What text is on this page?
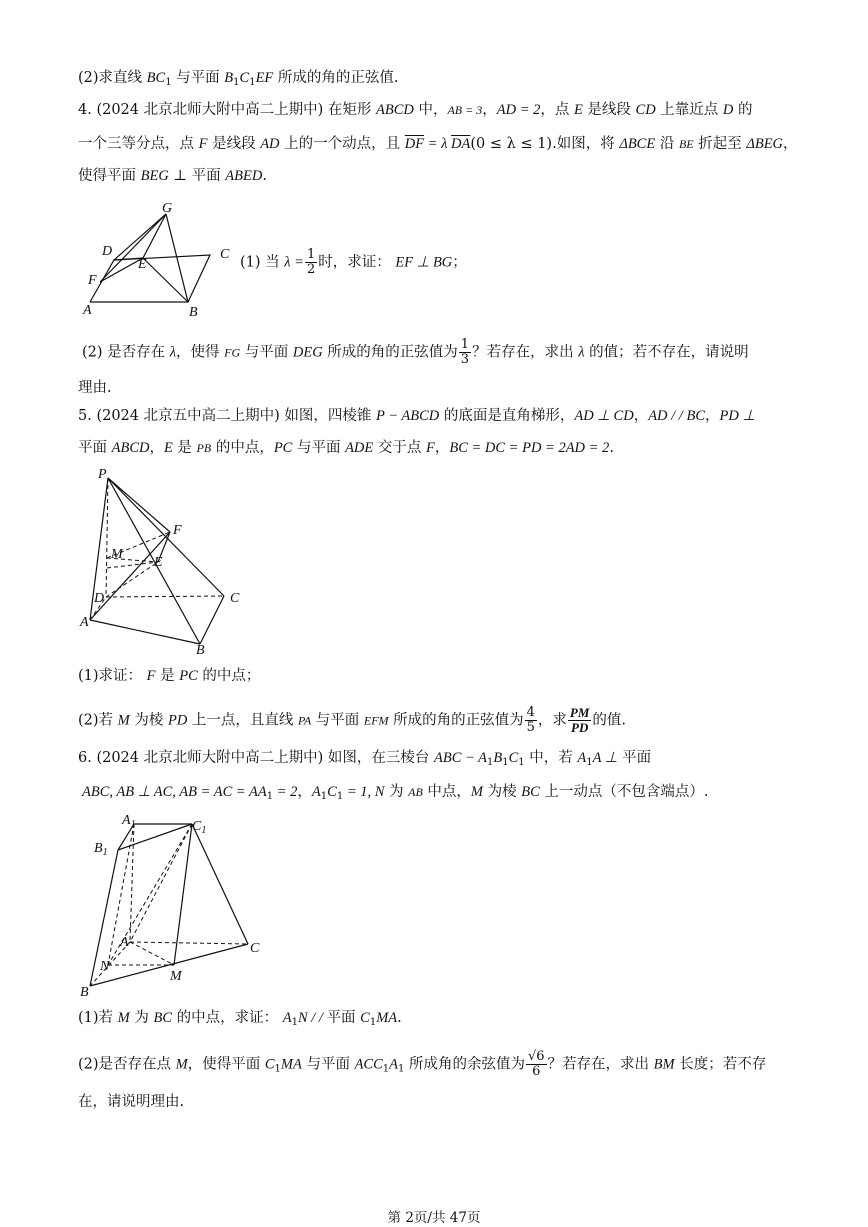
(2)求直线 $BC_1$ 与平面 $B_1C_1EF$ 所成的角的正弦值.
4. (2024 北京北师大附中高二上期中) 在矩形 ABCD 中，AB = 3，AD = 2，点 E 是线段 CD 上靠近点 D 的
一个三等分点，点 F 是线段 AD 上的一个动点，且 $\overline{DF} = \lambda$ $\overline{DA}(0 \le \lambda \le 1)$.如图，将 ΔBCE 沿 BE 折起至 ΔBEG，
使得平面 BEG ⊥ 平面 ABED.
G
D
E
C
F
A	B
(1) 当 $\lambda = \frac{1}{2}$ 时，求证： EF ⊥ BG；
(2) 是否存在 λ，使得 FG 与平面 DEG 所成的角的正弦值为 $\frac{1}{3}$ ？若存在，求出 λ 的值；若不存在，请说明
理由.
5. (2024 北京五中高二上期中) 如图，四棱锥 P − ABCD 的底面是直角梯形，AD ⊥ CD，AD / / BC，PD ⊥
平面 ABCD，E 是 PB 的中点，PC 与平面 ADE 交于点 F，BC = DC = PD = 2AD = 2.
P
F
M
E
D	C
A
B
(1)求证： F 是 PC 的中点；
(2)若 M 为棱 PD 上一点，且直线 PA 与平面 EFM 所成的角的正弦值为 $\frac{4}{5}$ ，求 $\frac{PM}{PD}$ 的值.
6. (2024 北京北师大附中高二上期中) 如图，在三棱台 ABC − $A_1B_1C_1$ 中，若 $A_1A$ ⊥ 平面
ABC, AB ⊥ AC, AB = AC = $AA_1 = 2$，$A_1C_1 = 1$, N 为 AB 中点，M 为棱 BC 上一动点（不包含端点）.
$A_1$	$C_1$
$B_1$
A	C
N
M
B
(1)若 M 为 BC 的中点，求证： $A_1N$ / / 平面 $C_1MA$.
(2)是否存在点 M，使得平面 $C_1MA$ 与平面 $ACC_1A_1$ 所成角的余弦值为 $\frac{√6}{6}$ ？若存在，求出 BM 长度；若不存
在，请说明理由.
第 2页/共 47页
